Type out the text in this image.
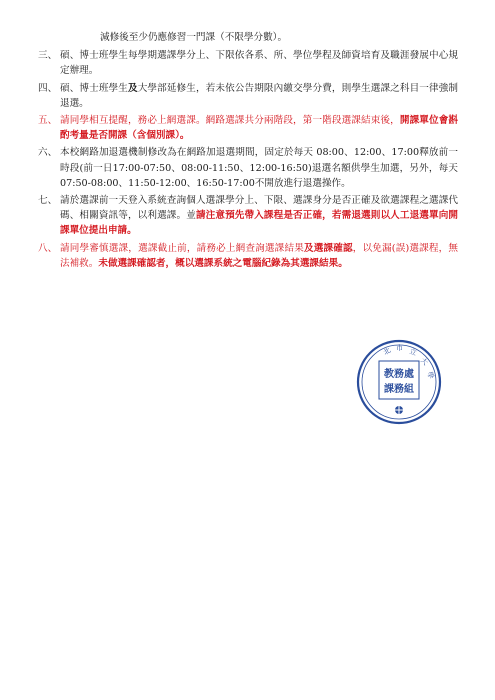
減修後至少仍應修習一門課（不限學分數）。
三、 碩、博士班學生每學期選課學分上、下限依各系、所、學位學程及師資培育及職涯發展中心規定辦理。
四、 碩、博士班學生及大學部延修生，若未依公告期限內繳交學分費，則學生選課之科目一律強制退選。
五、 請同學相互提醒，務必上網選課。網路選課共分兩階段，第一階段選課結束後，開課單位會斟酌考量是否開課（含個別課）。
六、 本校網路加退選機制修改為在網路加退選期間，固定於每天 08:00、12:00、17:00釋放前一時段(前一日17:00-07:50、08:00-11:50、12:00-16:50)退選名額供學生加選，另外，每天07:50-08:00、11:50-12:00、16:50-17:00不開放進行退選操作。
七、 請於選課前一天登入系統查詢個人選課學分上、下限、選課身分是否正確及欲選課程之選課代碼、相關資訊等，以利選課。並請注意預先帶入課程是否正確，若需退選則以人工退選單向開課單位提出申請。
八、 請同學審慎選課，選課截止前，請務必上網查詢選課結果及選課確認，以免漏(誤)選課程，無法補救。未做選課確認者，概以選課系統之電腦紀錄為其選課結果。
北 市 立
大
學
教務處
課務組
